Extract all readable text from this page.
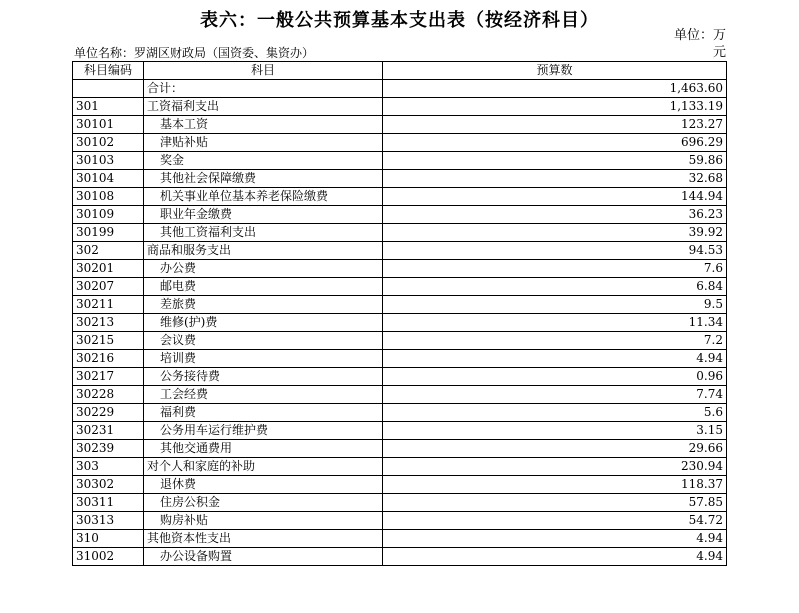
表六：一般公共预算基本支出表（按经济科目）
单位：万元
单位名称：罗湖区财政局（国资委、集资办）
科目编码	科目	预算数
	合计：	1,463.60
301	工资福利支出	1,133.19
30101	基本工资	123.27
30102	津贴补贴	696.29
30103	奖金	59.86
30104	其他社会保障缴费	32.68
30108	机关事业单位基本养老保险缴费	144.94
30109	职业年金缴费	36.23
30199	其他工资福利支出	39.92
302	商品和服务支出	94.53
30201	办公费	7.6
30207	邮电费	6.84
30211	差旅费	9.5
30213	维修(护)费	11.34
30215	会议费	7.2
30216	培训费	4.94
30217	公务接待费	0.96
30228	工会经费	7.74
30229	福利费	5.6
30231	公务用车运行维护费	3.15
30239	其他交通费用	29.66
303	对个人和家庭的补助	230.94
30302	退休费	118.37
30311	住房公积金	57.85
30313	购房补贴	54.72
310	其他资本性支出	4.94
31002	办公设备购置	4.94
